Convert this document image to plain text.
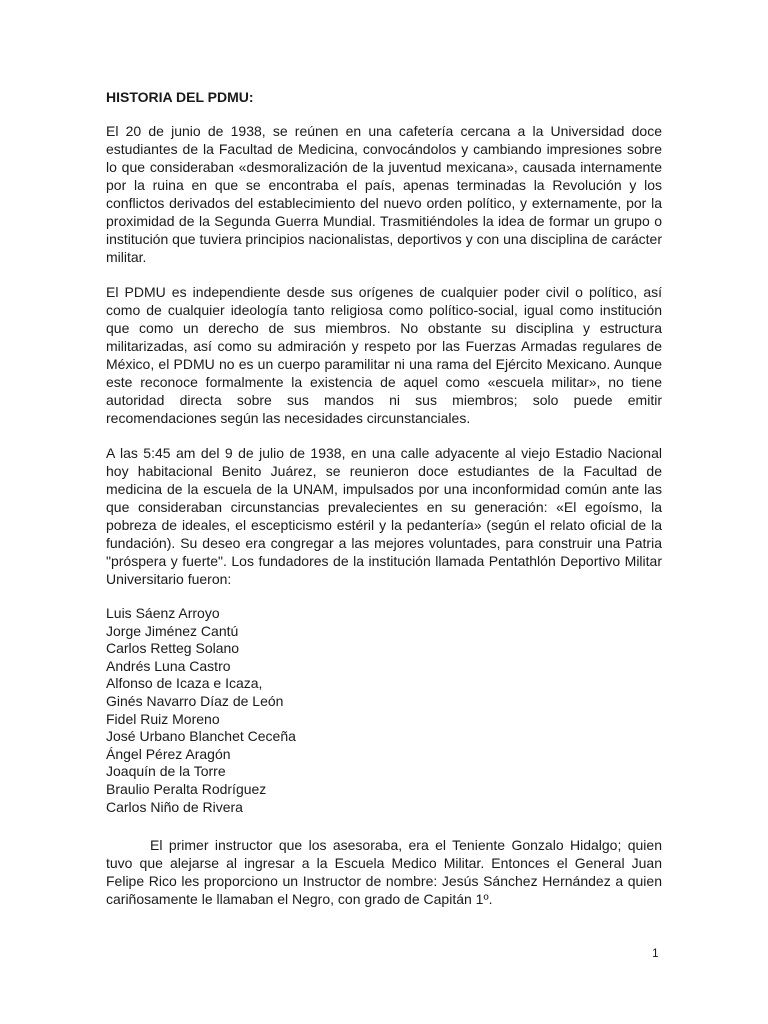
HISTORIA DEL PDMU:

El 20 de junio de 1938, se reúnen en una cafetería cercana a la Universidad doce estudiantes de la Facultad de Medicina, convocándolos y cambiando impresiones sobre lo que consideraban «desmoralización de la juventud mexicana», causada internamente por la ruina en que se encontraba el país, apenas terminadas la Revolución y los conflictos derivados del establecimiento del nuevo orden político, y externamente, por la proximidad de la Segunda Guerra Mundial. Trasmitiéndoles la idea de formar un grupo o institución que tuviera principios nacionalistas, deportivos y con una disciplina de carácter militar.

El PDMU es independiente desde sus orígenes de cualquier poder civil o político, así como de cualquier ideología tanto religiosa como político-social, igual como institución que como un derecho de sus miembros. No obstante su disciplina y estructura militarizadas, así como su admiración y respeto por las Fuerzas Armadas regulares de México, el PDMU no es un cuerpo paramilitar ni una rama del Ejército Mexicano. Aunque este reconoce formalmente la existencia de aquel como «escuela militar», no tiene autoridad directa sobre sus mandos ni sus miembros; solo puede emitir recomendaciones según las necesidades circunstanciales.

A las 5:45 am del 9 de julio de 1938, en una calle adyacente al viejo Estadio Nacional hoy habitacional Benito Juárez, se reunieron doce estudiantes de la Facultad de medicina de la escuela de la UNAM, impulsados por una inconformidad común ante las que consideraban circunstancias prevalecientes en su generación: «El egoísmo, la pobreza de ideales, el escepticismo estéril y la pedantería» (según el relato oficial de la fundación). Su deseo era congregar a las mejores voluntades, para construir una Patria "próspera y fuerte". Los fundadores de la institución llamada Pentathlón Deportivo Militar Universitario fueron:

Luis Sáenz Arroyo
Jorge Jiménez Cantú
Carlos Retteg Solano
Andrés Luna Castro
Alfonso de Icaza e Icaza,
Ginés Navarro Díaz de León
Fidel Ruiz Moreno
José Urbano Blanchet Ceceña
Ángel Pérez Aragón
Joaquín de la Torre
Braulio Peralta Rodríguez
Carlos Niño de Rivera

El primer instructor que los asesoraba, era el Teniente Gonzalo Hidalgo; quien tuvo que alejarse al ingresar a la Escuela Medico Militar. Entonces el General Juan Felipe Rico les proporciono un Instructor de nombre: Jesús Sánchez Hernández a quien cariñosamente le llamaban el Negro, con grado de Capitán 1º.

1
